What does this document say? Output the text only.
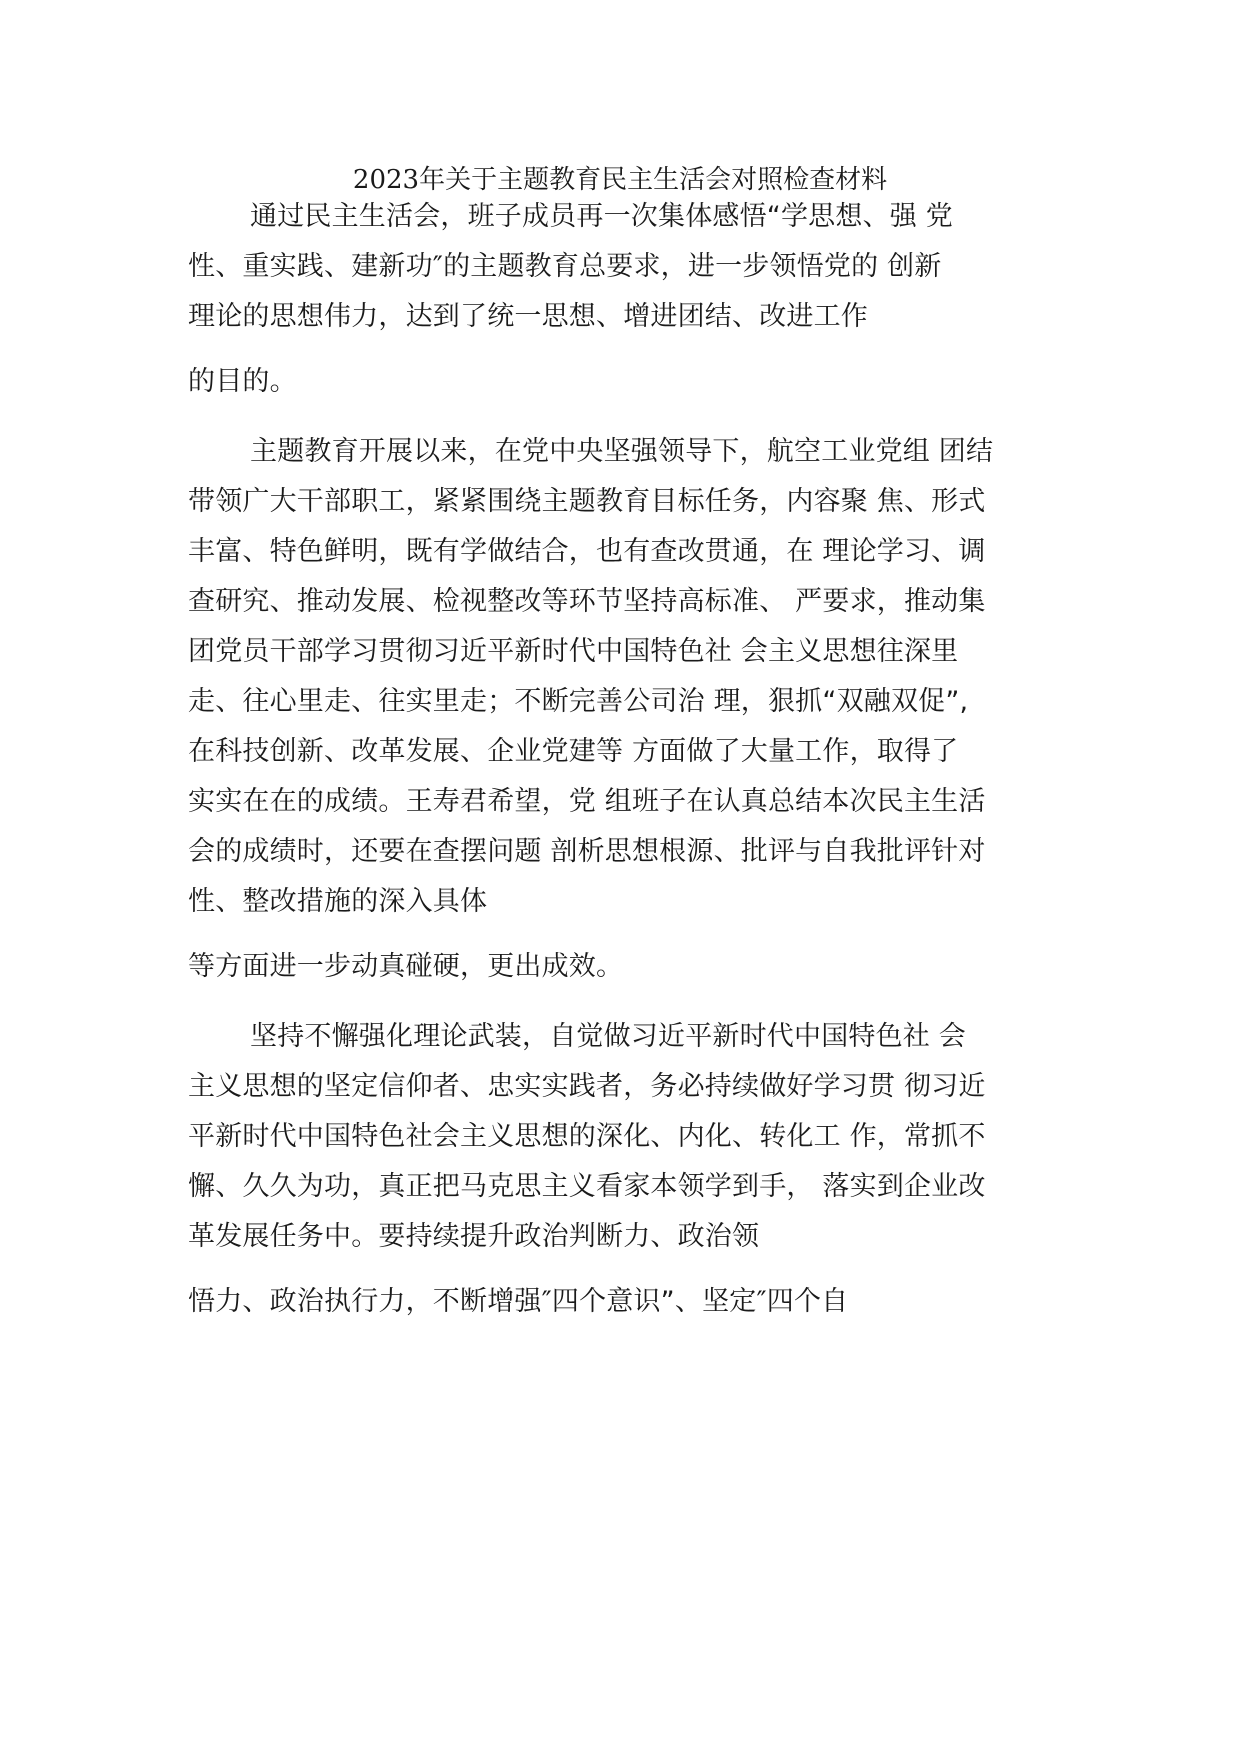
2023年关于主题教育民主生活会对照检查材料
通过民主生活会，班子成员再一次集体感悟“学思想、强 党
性、重实践、建新功″的主题教育总要求，进一步领悟党的 创新
理论的思想伟力，达到了统一思想、增进团结、改进工作
的目的。
主题教育开展以来，在党中央坚强领导下，航空工业党组 团结
带领广大干部职工，紧紧围绕主题教育目标任务，内容聚 焦、形式
丰富、特色鲜明，既有学做结合，也有查改贯通，在 理论学习、调
查研究、推动发展、检视整改等环节坚持高标准、 严要求，推动集
团党员干部学习贯彻习近平新时代中国特色社 会主义思想往深里
走、往心里走、往实里走；不断完善公司治 理，狠抓“双融双促”,
在科技创新、改革发展、企业党建等 方面做了大量工作，取得了
实实在在的成绩。王寿君希望，党 组班子在认真总结本次民主生活
会的成绩时，还要在查摆问题 剖析思想根源、批评与自我批评针对
性、整改措施的深入具体
等方面进一步动真碰硬，更出成效。
坚持不懈强化理论武装，自觉做习近平新时代中国特色社 会
主义思想的坚定信仰者、忠实实践者，务必持续做好学习贯 彻习近
平新时代中国特色社会主义思想的深化、内化、转化工 作，常抓不
懈、久久为功，真正把马克思主义看家本领学到手， 落实到企业改
革发展任务中。要持续提升政治判断力、政治领
悟力、政治执行力，不断增强″四个意识”、坚定″四个自
